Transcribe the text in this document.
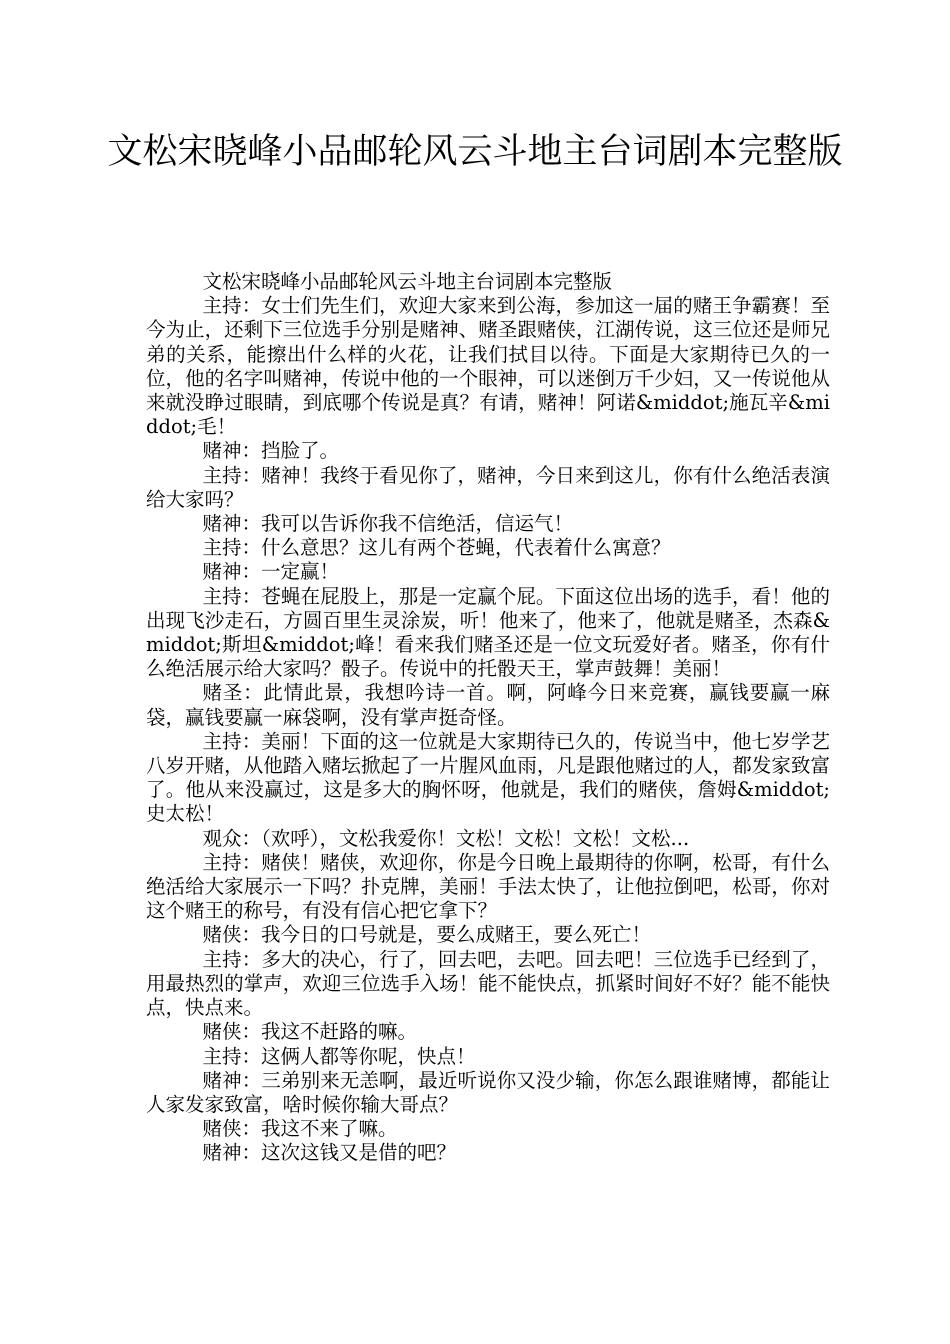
文松宋晓峰小品邮轮风云斗地主台词剧本完整版

文松宋晓峰小品邮轮风云斗地主台词剧本完整版

主持：女士们先生们，欢迎大家来到公海，参加这一届的赌王争霸赛！至今为止，还剩下三位选手分别是赌神、赌圣跟赌侠，江湖传说，这三位还是师兄弟的关系，能擦出什么样的火花，让我们拭目以待。下面是大家期待已久的一位，他的名字叫赌神，传说中他的一个眼神，可以迷倒万千少妇，又一传说他从来就没睁过眼睛，到底哪个传说是真？有请，赌神！阿诺&middot;施瓦辛&middot;毛！

赌神：挡脸了。

主持：赌神！我终于看见你了，赌神，今日来到这儿，你有什么绝活表演给大家吗？

赌神：我可以告诉你我不信绝活，信运气！

主持：什么意思？这儿有两个苍蝇，代表着什么寓意？

赌神：一定赢！

主持：苍蝇在屁股上，那是一定赢个屁。下面这位出场的选手，看！他的出现飞沙走石，方圆百里生灵涂炭，听！他来了，他来了，他就是赌圣，杰森&middot;斯坦&middot;峰！看来我们赌圣还是一位文玩爱好者。赌圣，你有什么绝活展示给大家吗？骰子。传说中的托骰天王，掌声鼓舞！美丽！

赌圣：此情此景，我想吟诗一首。啊，阿峰今日来竞赛，赢钱要赢一麻袋，赢钱要赢一麻袋啊，没有掌声挺奇怪。

主持：美丽！下面的这一位就是大家期待已久的，传说当中，他七岁学艺八岁开赌，从他踏入赌坛掀起了一片腥风血雨，凡是跟他赌过的人，都发家致富了。他从来没赢过，这是多大的胸怀呀，他就是，我们的赌侠，詹姆&middot;史太松！

观众：（欢呼），文松我爱你！文松！文松！文松！文松...

主持：赌侠！赌侠，欢迎你，你是今日晚上最期待的你啊，松哥，有什么绝活给大家展示一下吗？扑克牌，美丽！手法太快了，让他拉倒吧，松哥，你对这个赌王的称号，有没有信心把它拿下？

赌侠：我今日的口号就是，要么成赌王，要么死亡！

主持：多大的决心，行了，回去吧，去吧。回去吧！三位选手已经到了，用最热烈的掌声，欢迎三位选手入场！能不能快点，抓紧时间好不好？能不能快点，快点来。

赌侠：我这不赶路的嘛。

主持：这俩人都等你呢，快点！

赌神：三弟别来无恙啊，最近听说你又没少输，你怎么跟谁赌博，都能让人家发家致富，啥时候你输大哥点？

赌侠：我这不来了嘛。

赌神：这次这钱又是借的吧？
